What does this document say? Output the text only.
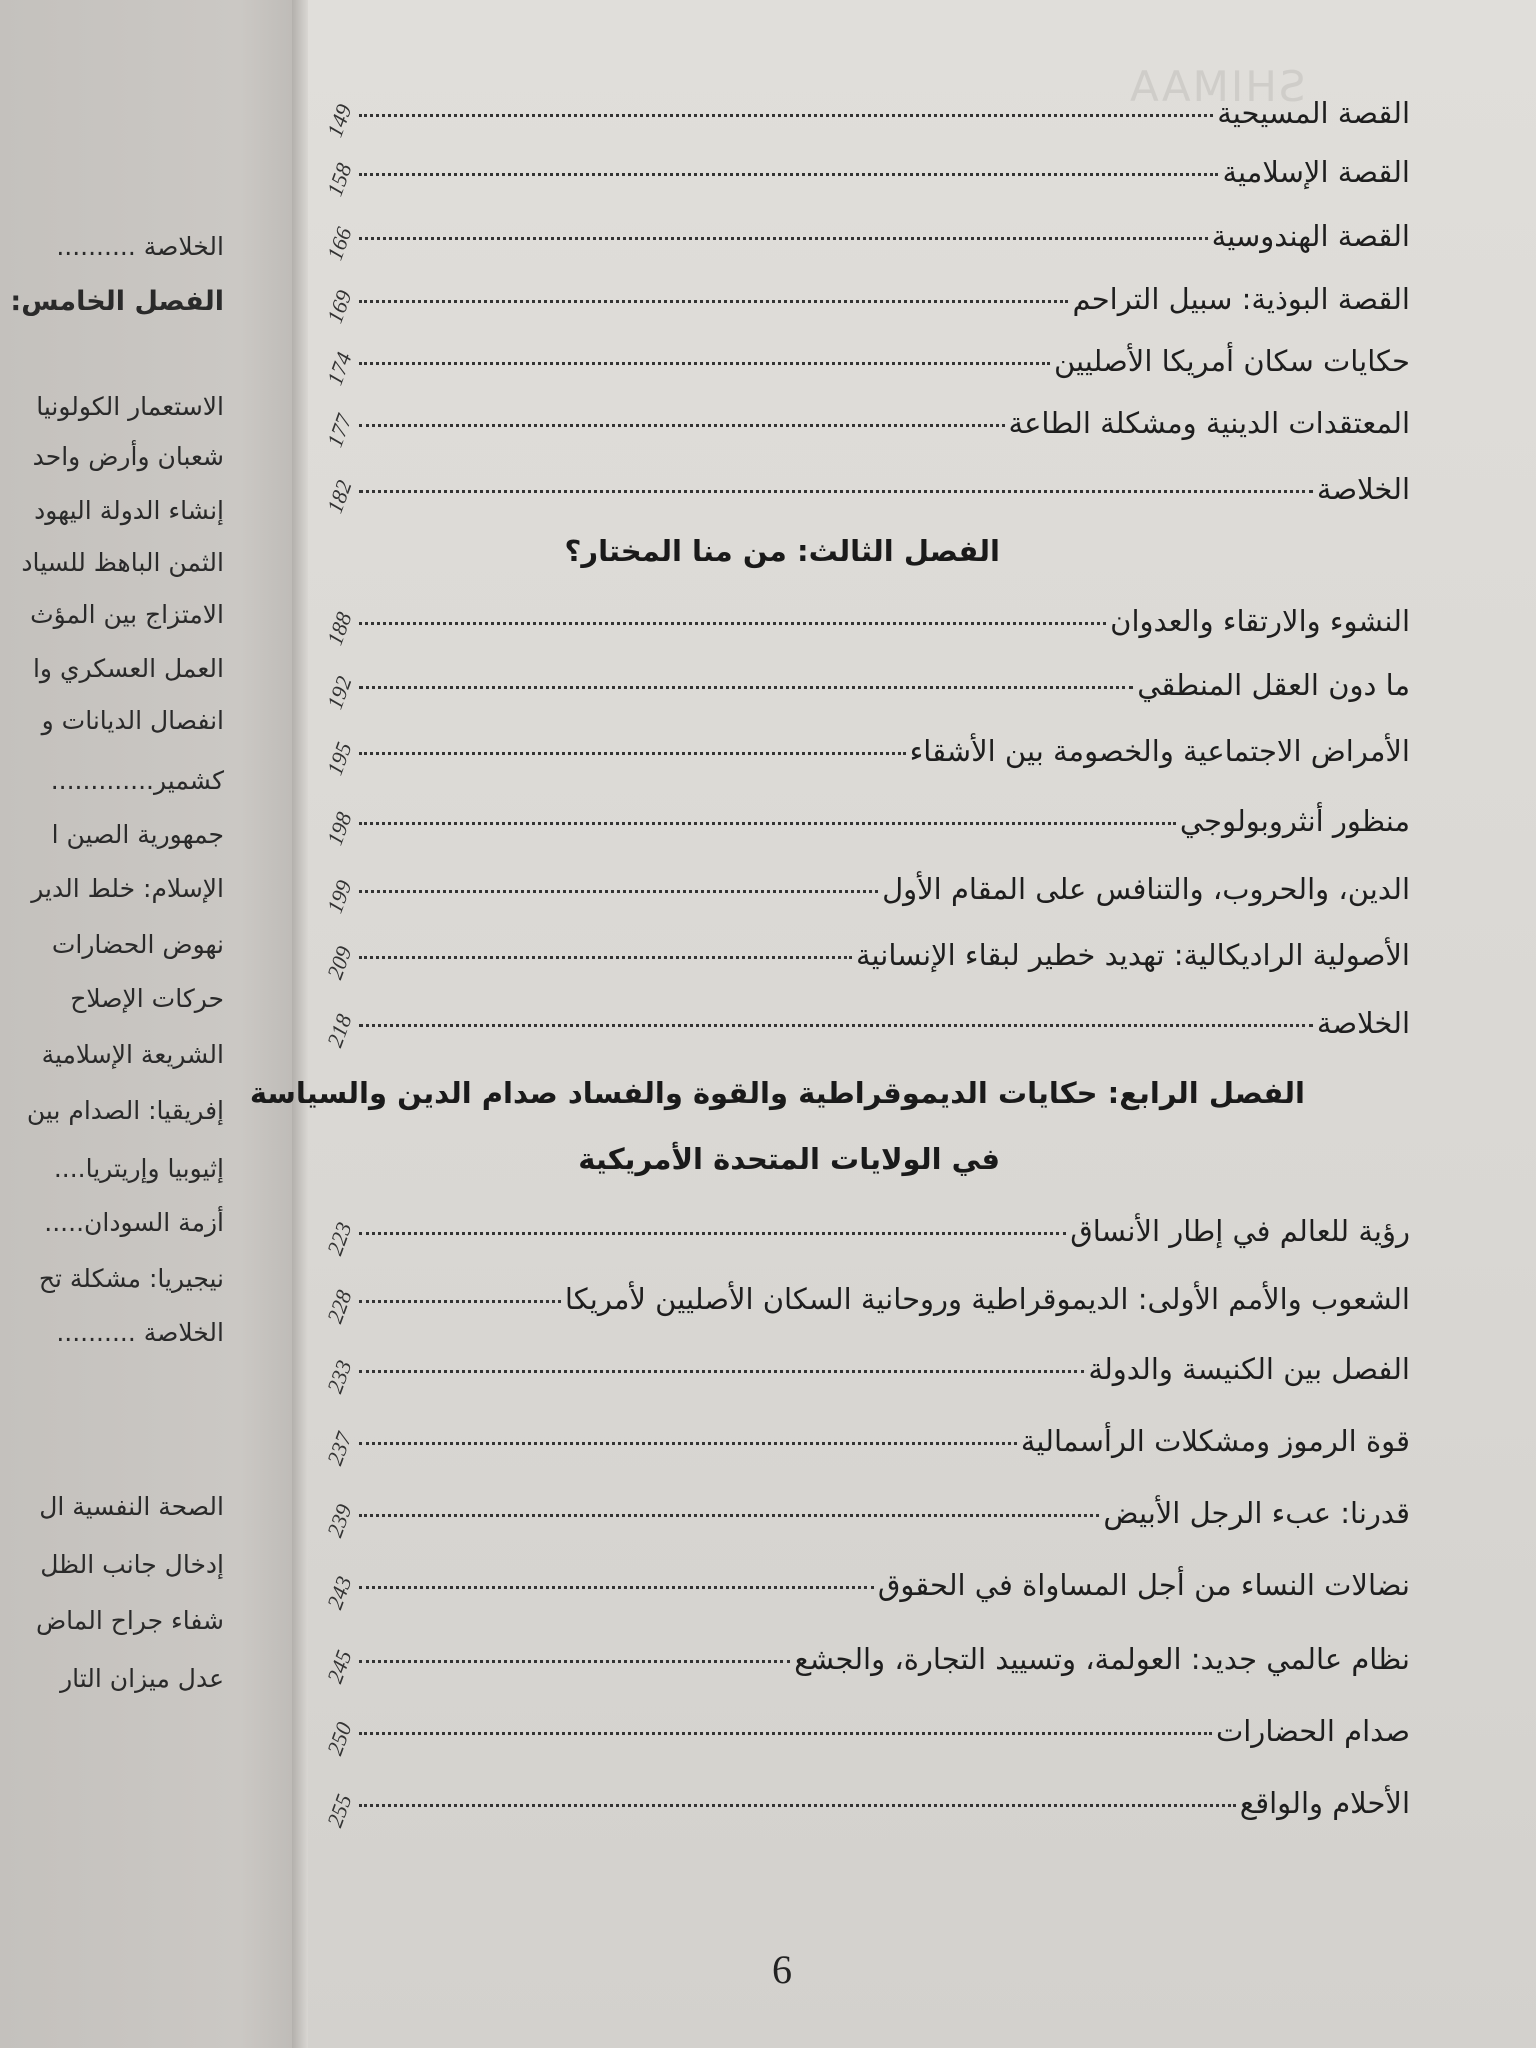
الخلاصة ..........
الفصل الخامس:
الاستعمار الكولونيا
شعبان وأرض واحد
إنشاء الدولة اليهود
الثمن الباهظ للسياد
الامتزاج بين المؤث
العمل العسكري وا
انفصال الديانات و
كشمير.............
جمهورية الصين ا
الإسلام: خلط الدير
نهوض الحضارات
حركات الإصلاح
الشريعة الإسلامية
إفريقيا: الصدام بين
إثيوبيا وإريتريا....
أزمة السودان.....
نيجيريا: مشكلة تح
الخلاصة ..........
الصحة النفسية ال
إدخال جانب الظل
شفاء جراح الماض
عدل ميزان التار
SHIMAA
6
القصة المسيحية
149
القصة الإسلامية
158
القصة الهندوسية
166
القصة البوذية: سبيل التراحم
169
حكايات سكان أمريكا الأصليين
174
المعتقدات الدينية ومشكلة الطاعة
177
الخلاصة
182
الفصل الثالث: من منا المختار؟
النشوء والارتقاء والعدوان
188
ما دون العقل المنطقي
192
الأمراض الاجتماعية والخصومة بين الأشقاء
195
منظور أنثروبولوجي
198
الدين، والحروب، والتنافس على المقام الأول
199
الأصولية الراديكالية: تهديد خطير لبقاء الإنسانية
209
الخلاصة
218
الفصل الرابع: حكايات الديموقراطية والقوة والفساد صدام الدين والسياسة
في الولايات المتحدة الأمريكية
رؤية للعالم في إطار الأنساق
223
الشعوب والأمم الأولى: الديموقراطية وروحانية السكان الأصليين لأمريكا
228
الفصل بين الكنيسة والدولة
233
قوة الرموز ومشكلات الرأسمالية
237
قدرنا: عبء الرجل الأبيض
239
نضالات النساء من أجل المساواة في الحقوق
243
نظام عالمي جديد: العولمة، وتسييد التجارة، والجشع
245
صدام الحضارات
250
الأحلام والواقع
255
